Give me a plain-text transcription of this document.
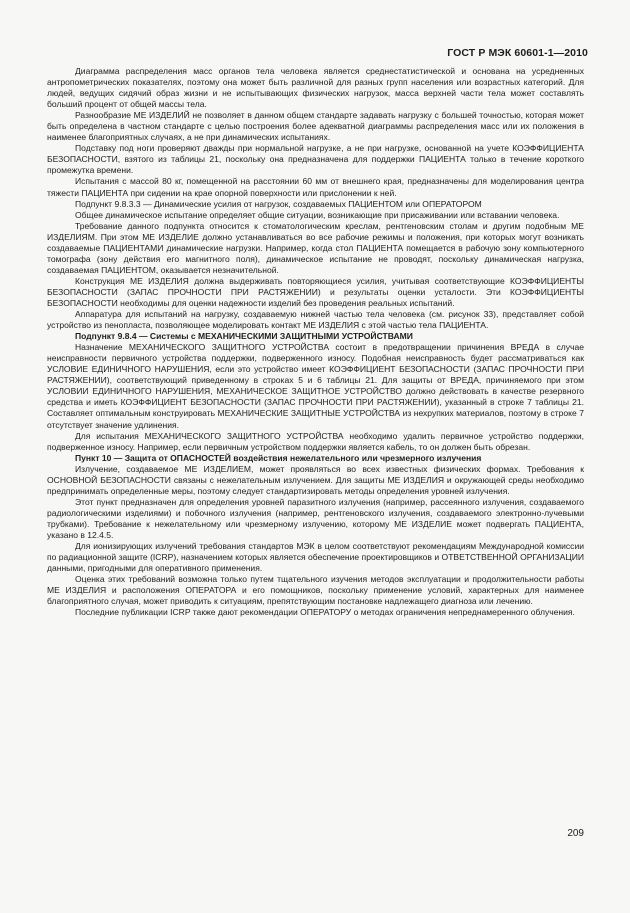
ГОСТ Р МЭК 60601-1—2010

Диаграмма распределения масс органов тела человека является среднестатистической и основана на усредненных антропометрических показателях, поэтому она может быть различной для разных групп населения или возрастных категорий. Для людей, ведущих сидячий образ жизни и не испытывающих физических нагрузок, масса верхней части тела может составлять больший процент от общей массы тела.

Разнообразие МЕ ИЗДЕЛИЙ не позволяет в данном общем стандарте задавать нагрузку с большей точностью, которая может быть определена в частном стандарте с целью построения более адекватной диаграммы распределения масс или их положения в наименее благоприятных случаях, а не при динамических испытаниях.

Подставку под ноги проверяют дважды при нормальной нагрузке, а не при нагрузке, основанной на учете КОЭФФИЦИЕНТА БЕЗОПАСНОСТИ, взятого из таблицы 21, поскольку она предназначена для поддержки ПАЦИЕНТА только в течение короткого промежутка времени.

Испытания с массой 80 кг, помещенной на расстоянии 60 мм от внешнего края, предназначены для моделирования центра тяжести ПАЦИЕНТА при сидении на крае опорной поверхности или прислонении к ней.

Подпункт 9.8.3.3 — Динамические усилия от нагрузок, создаваемых ПАЦИЕНТОМ или ОПЕРАТОРОМ

Общее динамическое испытание определяет общие ситуации, возникающие при присаживании или вставании человека.

Требование данного подпункта относится к стоматологическим креслам, рентгеновским столам и другим подобным МЕ ИЗДЕЛИЯМ. При этом МЕ ИЗДЕЛИЕ должно устанавливаться во все рабочие режимы и положения, при которых могут возникать создаваемые ПАЦИЕНТАМИ динамические нагрузки. Например, когда стол ПАЦИЕНТА помещается в рабочую зону компьютерного томографа (зону действия его магнитного поля), динамическое испытание не проводят, поскольку динамическая нагрузка, создаваемая ПАЦИЕНТОМ, оказывается незначительной.

Конструкция МЕ ИЗДЕЛИЯ должна выдерживать повторяющиеся усилия, учитывая соответствующие КОЭФФИЦИЕНТЫ БЕЗОПАСНОСТИ (ЗАПАС ПРОЧНОСТИ ПРИ РАСТЯЖЕНИИ) и результаты оценки усталости. Эти КОЭФФИЦИЕНТЫ БЕЗОПАСНОСТИ необходимы для оценки надежности изделий без проведения реальных испытаний.

Аппаратура для испытаний на нагрузку, создаваемую нижней частью тела человека (см. рисунок 33), представляет собой устройство из пенопласта, позволяющее моделировать контакт МЕ ИЗДЕЛИЯ с этой частью тела ПАЦИЕНТА.

Подпункт 9.8.4 — Системы с МЕХАНИЧЕСКИМИ ЗАЩИТНЫМИ УСТРОЙСТВАМИ

Назначение МЕХАНИЧЕСКОГО ЗАЩИТНОГО УСТРОЙСТВА состоит в предотвращении причинения ВРЕДА в случае неисправности первичного устройства поддержки, подверженного износу. Подобная неисправность будет рассматриваться как УСЛОВИЕ ЕДИНИЧНОГО НАРУШЕНИЯ, если это устройство имеет КОЭФФИЦИЕНТ БЕЗОПАСНОСТИ (ЗАПАС ПРОЧНОСТИ ПРИ РАСТЯЖЕНИИ), соответствующий приведенному в строках 5 и 6 таблицы 21. Для защиты от ВРЕДА, причиняемого при этом УСЛОВИИ ЕДИНИЧНОГО НАРУШЕНИЯ, МЕХАНИЧЕСКОЕ ЗАЩИТНОЕ УСТРОЙСТВО должно действовать в качестве резервного средства и иметь КОЭФФИЦИЕНТ БЕЗОПАСНОСТИ (ЗАПАС ПРОЧНОСТИ ПРИ РАСТЯЖЕНИИ), указанный в строке 7 таблицы 21. Составляет оптимальным конструировать МЕХАНИЧЕСКИЕ ЗАЩИТНЫЕ УСТРОЙСТВА из нехрупких материалов, поэтому в строке 7 отсутствует значение удлинения.

Для испытания МЕХАНИЧЕСКОГО ЗАЩИТНОГО УСТРОЙСТВА необходимо удалить первичное устройство поддержки, подверженное износу. Например, если первичным устройством поддержки является кабель, то он должен быть обрезан.

Пункт 10 — Защита от ОПАСНОСТЕЙ воздействия нежелательного или чрезмерного излучения

Излучение, создаваемое МЕ ИЗДЕЛИЕМ, может проявляться во всех известных физических формах. Требования к ОСНОВНОЙ БЕЗОПАСНОСТИ связаны с нежелательным излучением. Для защиты МЕ ИЗДЕЛИЯ и окружающей среды необходимо предпринимать определенные меры, поэтому следует стандартизировать методы определения уровней излучения.

Этот пункт предназначен для определения уровней паразитного излучения (например, рассеянного излучения, создаваемого радиологическими изделиями) и побочного излучения (например, рентгеновского излучения, создаваемого электронно-лучевыми трубками). Требование к нежелательному или чрезмерному излучению, которому МЕ ИЗДЕЛИЕ может подвергать ПАЦИЕНТА, указано в 12.4.5.

Для ионизирующих излучений требования стандартов МЭК в целом соответствуют рекомендациям Международной комиссии по радиационной защите (ICRP), назначением которых является обеспечение проектировщиков и ОТВЕТСТВЕННОЙ ОРГАНИЗАЦИИ данными, пригодными для оперативного применения.

Оценка этих требований возможна только путем тщательного изучения методов эксплуатации и продолжительности работы МЕ ИЗДЕЛИЯ и расположения ОПЕРАТОРА и его помощников, поскольку применение условий, характерных для наименее благоприятного случая, может приводить к ситуациям, препятствующим постановке надлежащего диагноза или лечению.

Последние публикации ICRP также дают рекомендации ОПЕРАТОРУ о методах ограничения непреднамеренного облучения.

209
